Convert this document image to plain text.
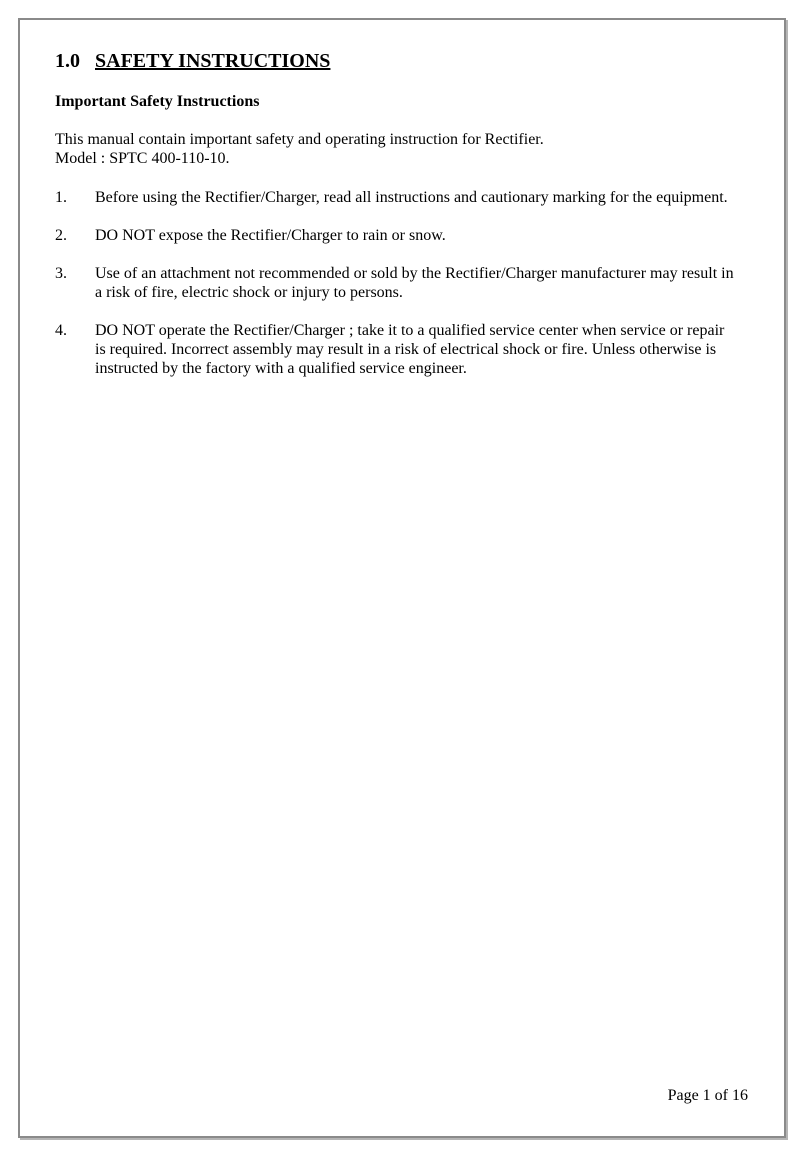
1.0 SAFETY INSTRUCTIONS
Important Safety Instructions

This manual contain important safety and operating instruction for Rectifier.
Model : SPTC 400-110-10.

1.	Before using the Rectifier/Charger, read all instructions and cautionary marking for the equipment.
2.	DO NOT expose the Rectifier/Charger to rain or snow.
3.	Use of an attachment not recommended or sold by the Rectifier/Charger manufacturer may result in a risk of fire, electric shock or injury to persons.
4.	DO NOT operate the Rectifier/Charger ; take it to a qualified service center when service or repair is required. Incorrect assembly may result in a risk of electrical shock or fire. Unless otherwise is instructed by the factory with a qualified service engineer.
Page 1 of 16
